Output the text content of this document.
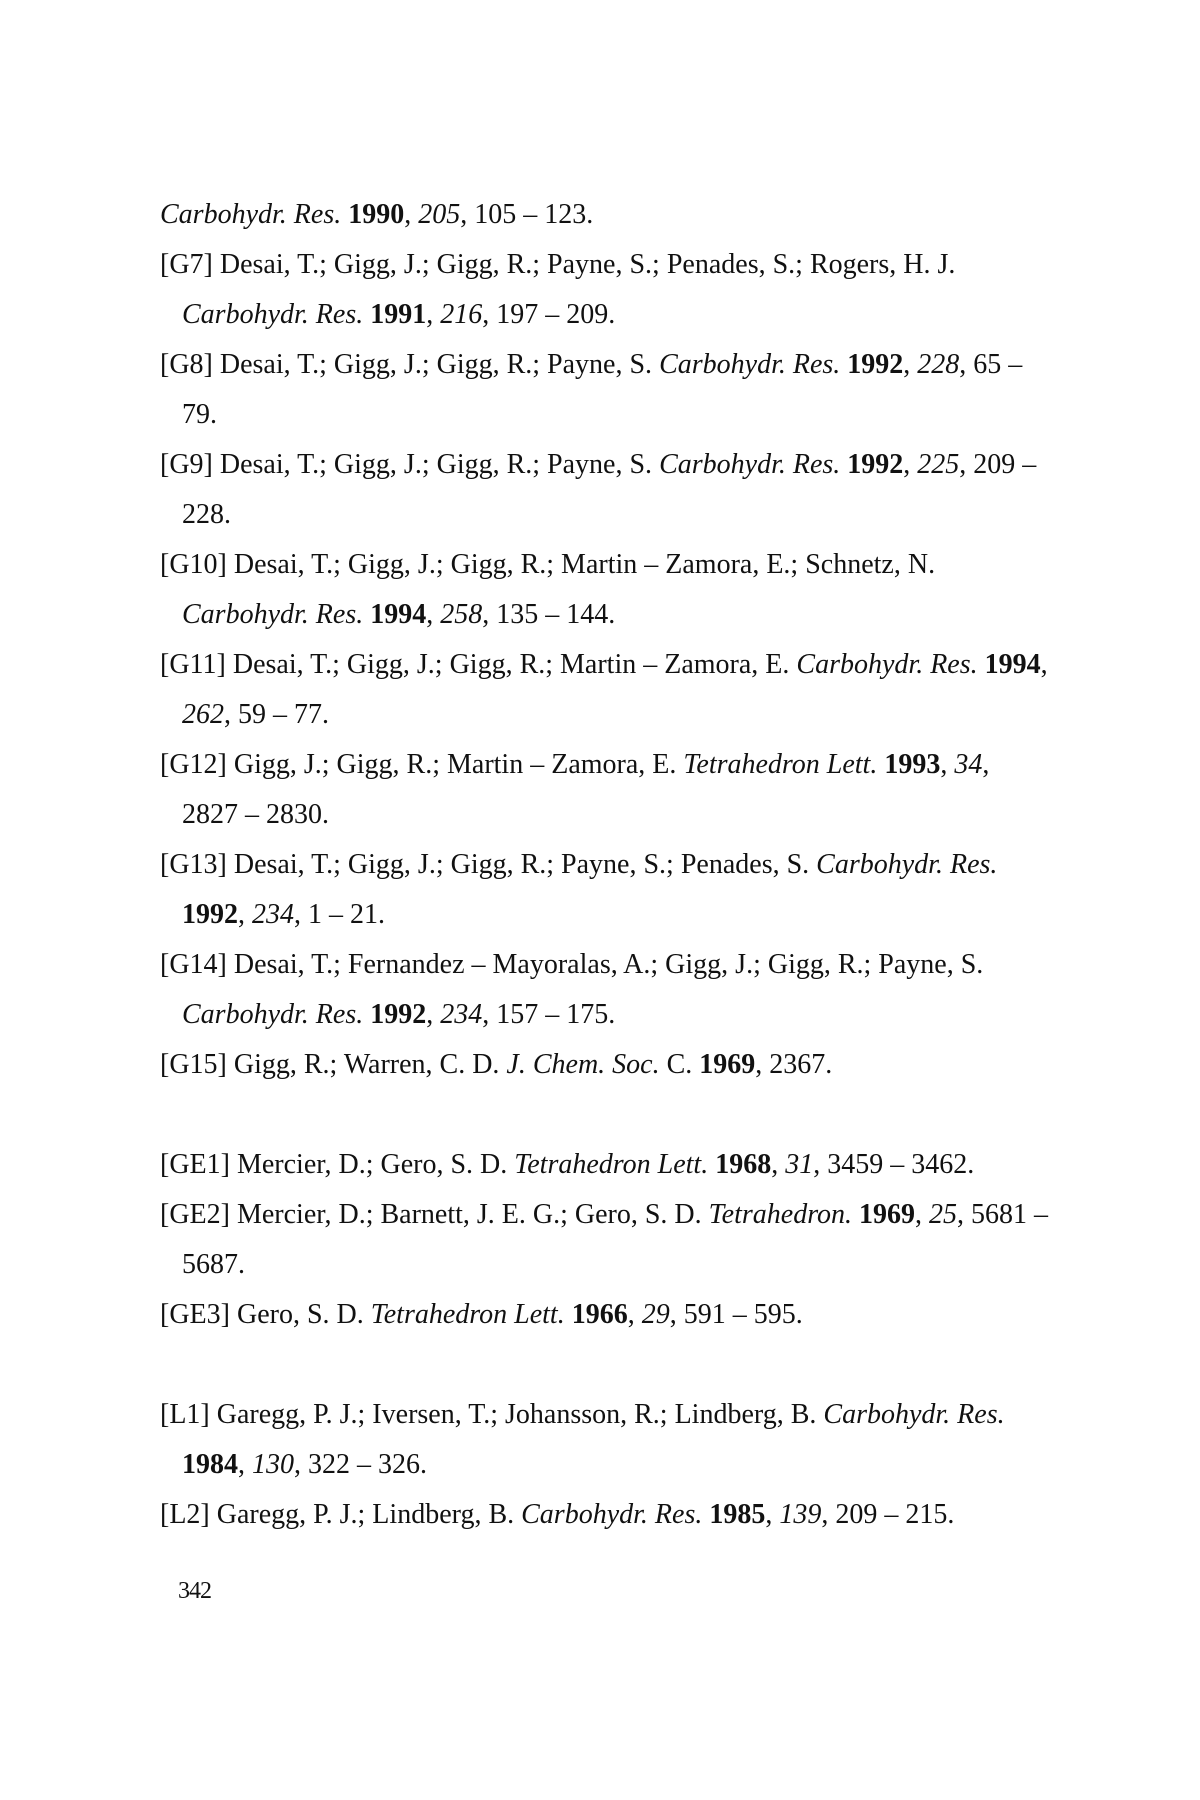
Carbohydr. Res. 1990, 205, 105 – 123.

[G7] Desai, T.; Gigg, J.; Gigg, R.; Payne, S.; Penades, S.; Rogers, H. J. Carbohydr. Res. 1991, 216, 197 – 209.

[G8] Desai, T.; Gigg, J.; Gigg, R.; Payne, S. Carbohydr. Res. 1992, 228, 65 – 79.

[G9] Desai, T.; Gigg, J.; Gigg, R.; Payne, S. Carbohydr. Res. 1992, 225, 209 – 228.

[G10] Desai, T.; Gigg, J.; Gigg, R.; Martin – Zamora, E.; Schnetz, N. Carbohydr. Res. 1994, 258, 135 – 144.

[G11] Desai, T.; Gigg, J.; Gigg, R.; Martin – Zamora, E. Carbohydr. Res. 1994, 262, 59 – 77.

[G12] Gigg, J.; Gigg, R.; Martin – Zamora, E. Tetrahedron Lett. 1993, 34, 2827 – 2830.

[G13] Desai, T.; Gigg, J.; Gigg, R.; Payne, S.; Penades, S. Carbohydr. Res. 1992, 234, 1 – 21.

[G14] Desai, T.; Fernandez – Mayoralas, A.; Gigg, J.; Gigg, R.; Payne, S. Carbohydr. Res. 1992, 234, 157 – 175.

[G15] Gigg, R.; Warren, C. D. J. Chem. Soc. C. 1969, 2367.

[GE1] Mercier, D.; Gero, S. D. Tetrahedron Lett. 1968, 31, 3459 – 3462.

[GE2] Mercier, D.; Barnett, J. E. G.; Gero, S. D. Tetrahedron. 1969, 25, 5681 – 5687.

[GE3] Gero, S. D. Tetrahedron Lett. 1966, 29, 591 – 595.

[L1] Garegg, P. J.; Iversen, T.; Johansson, R.; Lindberg, B. Carbohydr. Res. 1984, 130, 322 – 326.

[L2] Garegg, P. J.; Lindberg, B. Carbohydr. Res. 1985, 139, 209 – 215.

342
